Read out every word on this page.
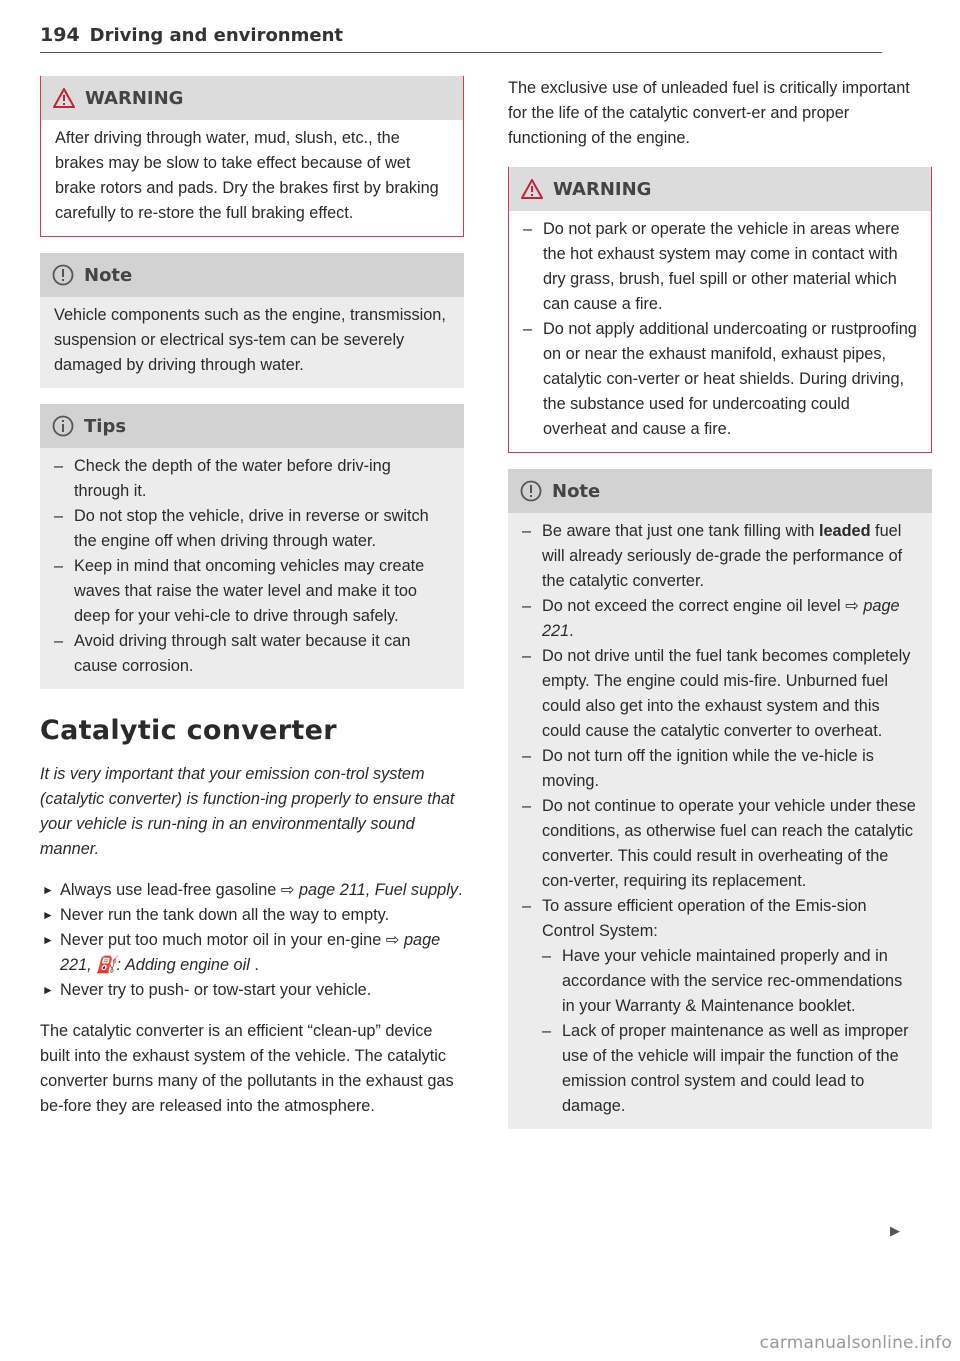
194 Driving and environment
WARNING

After driving through water, mud, slush, etc., the brakes may be slow to take effect because of wet brake rotors and pads. Dry the brakes first by braking carefully to re-store the full braking effect.

Note

Vehicle components such as the engine, transmission, suspension or electrical sys-tem can be severely damaged by driving through water.

Tips
– Check the depth of the water before driv-ing through it.
– Do not stop the vehicle, drive in reverse or switch the engine off when driving through water.
– Keep in mind that oncoming vehicles may create waves that raise the water level and make it too deep for your vehi-cle to drive through safely.
– Avoid driving through salt water because it can cause corrosion.
Catalytic converter

It is very important that your emission con-trol system (catalytic converter) is function-ing properly to ensure that your vehicle is run-ning in an environmentally sound manner.

► Always use lead-free gasoline ⇨ page 211, Fuel supply.
► Never run the tank down all the way to empty.
► Never put too much motor oil in your en-gine ⇨ page 221, ⛽: Adding engine oil .
► Never try to push- or tow-start your vehicle.

The catalytic converter is an efficient “clean-up” device built into the exhaust system of the vehicle. The catalytic converter burns many of the pollutants in the exhaust gas be-fore they are released into the atmosphere.

The exclusive use of unleaded fuel is critically important for the life of the catalytic convert-er and proper functioning of the engine.

WARNING
– Do not park or operate the vehicle in areas where the hot exhaust system may come in contact with dry grass, brush, fuel spill or other material which can cause a fire.
– Do not apply additional undercoating or rustproofing on or near the exhaust manifold, exhaust pipes, catalytic con-verter or heat shields. During driving, the substance used for undercoating could overheat and cause a fire.
Note
– Be aware that just one tank filling with leaded fuel will already seriously de-grade the performance of the catalytic converter.
– Do not exceed the correct engine oil level ⇨ page 221.
– Do not drive until the fuel tank becomes completely empty. The engine could mis-fire. Unburned fuel could also get into the exhaust system and this could cause the catalytic converter to overheat.
– Do not turn off the ignition while the ve-hicle is moving.
– Do not continue to operate your vehicle under these conditions, as otherwise fuel can reach the catalytic converter. This could result in overheating of the con-verter, requiring its replacement.
– To assure efficient operation of the Emis-sion Control System:
– Have your vehicle maintained properly and in accordance with the service rec-ommendations in your Warranty & Maintenance booklet.
– Lack of proper maintenance as well as improper use of the vehicle will impair the function of the emission control system and could lead to damage.
▶
carmanualsonline.info
